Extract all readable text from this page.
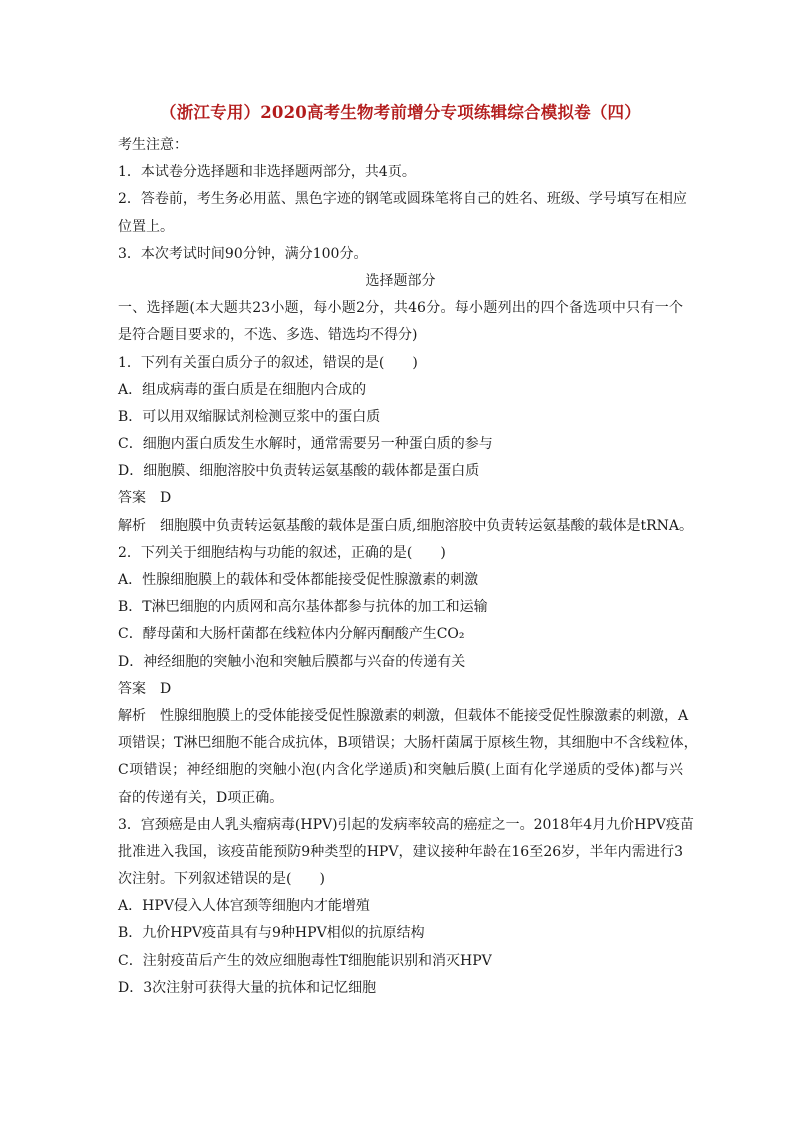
（浙江专用）2020高考生物考前增分专项练辑综合模拟卷（四）
考生注意：
1．本试卷分选择题和非选择题两部分，共4页。
2．答卷前，考生务必用蓝、黑色字迹的钢笔或圆珠笔将自己的姓名、班级、学号填写在相应
位置上。
3．本次考试时间90分钟，满分100分。
选择题部分
一、选择题(本大题共23小题，每小题2分，共46分。每小题列出的四个备选项中只有一个
是符合题目要求的，不选、多选、错选均不得分)
1．下列有关蛋白质分子的叙述，错误的是(　　)
A．组成病毒的蛋白质是在细胞内合成的
B．可以用双缩脲试剂检测豆浆中的蛋白质
C．细胞内蛋白质发生水解时，通常需要另一种蛋白质的参与
D．细胞膜、细胞溶胶中负责转运氨基酸的载体都是蛋白质
答案 D
解析 细胞膜中负责转运氨基酸的载体是蛋白质,细胞溶胶中负责转运氨基酸的载体是tRNA。
2．下列关于细胞结构与功能的叙述，正确的是(　　)
A．性腺细胞膜上的载体和受体都能接受促性腺激素的刺激
B．T淋巴细胞的内质网和高尔基体都参与抗体的加工和运输
C．酵母菌和大肠杆菌都在线粒体内分解丙酮酸产生CO₂
D．神经细胞的突触小泡和突触后膜都与兴奋的传递有关
答案 D
解析 性腺细胞膜上的受体能接受促性腺激素的刺激，但载体不能接受促性腺激素的刺激，A
项错误；T淋巴细胞不能合成抗体，B项错误；大肠杆菌属于原核生物，其细胞中不含线粒体，
C项错误；神经细胞的突触小泡(内含化学递质)和突触后膜(上面有化学递质的受体)都与兴
奋的传递有关，D项正确。
3．宫颈癌是由人乳头瘤病毒(HPV)引起的发病率较高的癌症之一。2018年4月九价HPV疫苗
批准进入我国，该疫苗能预防9种类型的HPV，建议接种年龄在16至26岁，半年内需进行3
次注射。下列叙述错误的是(　　)
A．HPV侵入人体宫颈等细胞内才能增殖
B．九价HPV疫苗具有与9种HPV相似的抗原结构
C．注射疫苗后产生的效应细胞毒性T细胞能识别和消灭HPV
D．3次注射可获得大量的抗体和记忆细胞
